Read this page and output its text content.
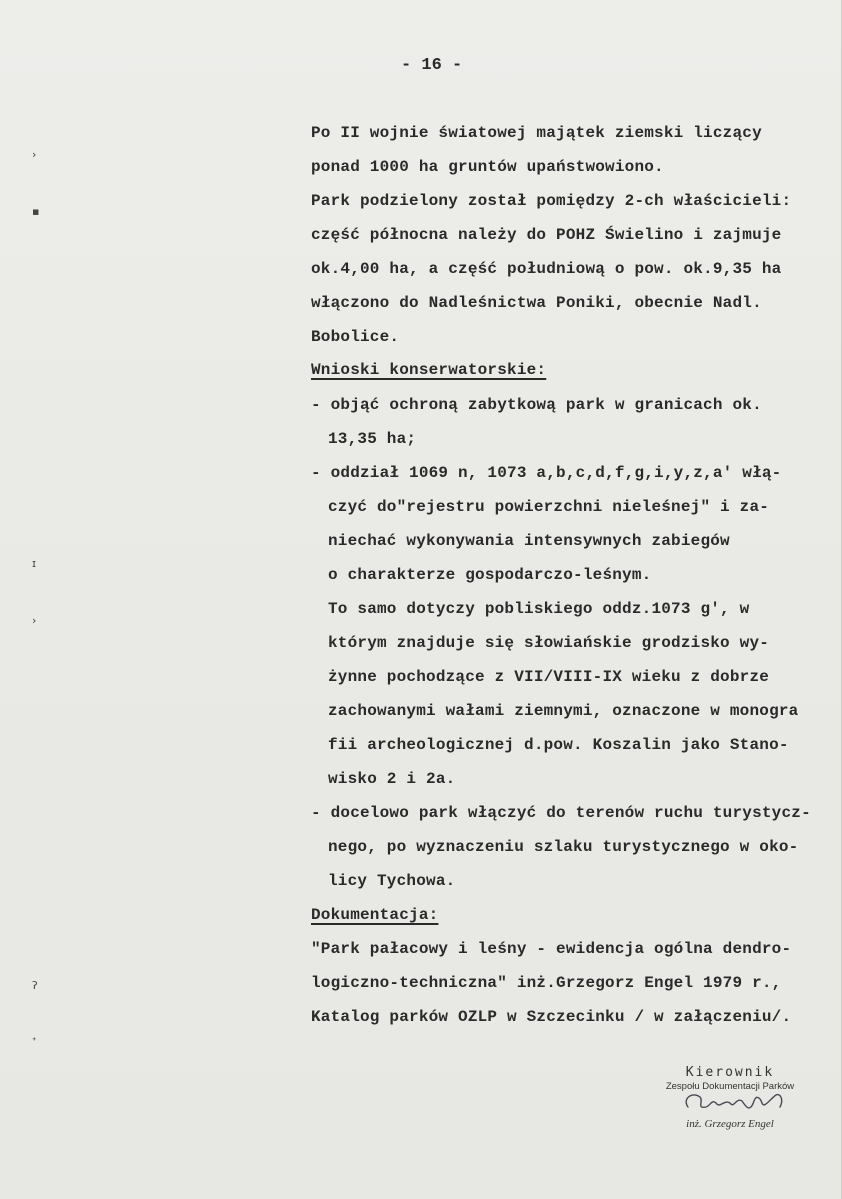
- 16 -
Po II wojnie światowej majątek ziemski liczący
ponad 1000 ha gruntów upaństwowiono.
Park podzielony został pomiędzy 2-ch właścicieli:
część północna należy do POHZ Świelino i zajmuje
ok.4,00 ha, a część południową o pow. ok.9,35 ha
włączono do Nadleśnictwa Poniki, obecnie Nadl.
Bobolice.
Wnioski konserwatorskie:
- objąć ochroną zabytkową park w granicach ok.
13,35 ha;
- oddział 1069 n, 1073 a,b,c,d,f,g,i,y,z,a' włą-
czyć do"rejestru powierzchni nieleśnej" i za-
niechać wykonywania intensywnych zabiegów
o charakterze gospodarczo-leśnym.
To samo dotyczy pobliskiego oddz.1073 g', w
którym znajduje się słowiańskie grodzisko wy-
żynne pochodzące z VII/VIII-IX wieku z dobrze
zachowanymi wałami ziemnymi, oznaczone w monogra
fii archeologicznej d.pow. Koszalin jako Stano-
wisko 2 i 2a.
- docelowo park włączyć do terenów ruchu turystycz-
nego, po wyznaczeniu szlaku turystycznego w oko-
licy Tychowa.
Dokumentacja:
"Park pałacowy i leśny - ewidencja ogólna dendro-
logiczno-techniczna" inż.Grzegorz Engel 1979 r.,
Katalog parków OZLP w Szczecinku / w załączeniu/.
›
▪
ɪ
›
ʔ
ᐩ
Kierownik
Zespołu Dokumentacji Parków
inż. Grzegorz Engel
